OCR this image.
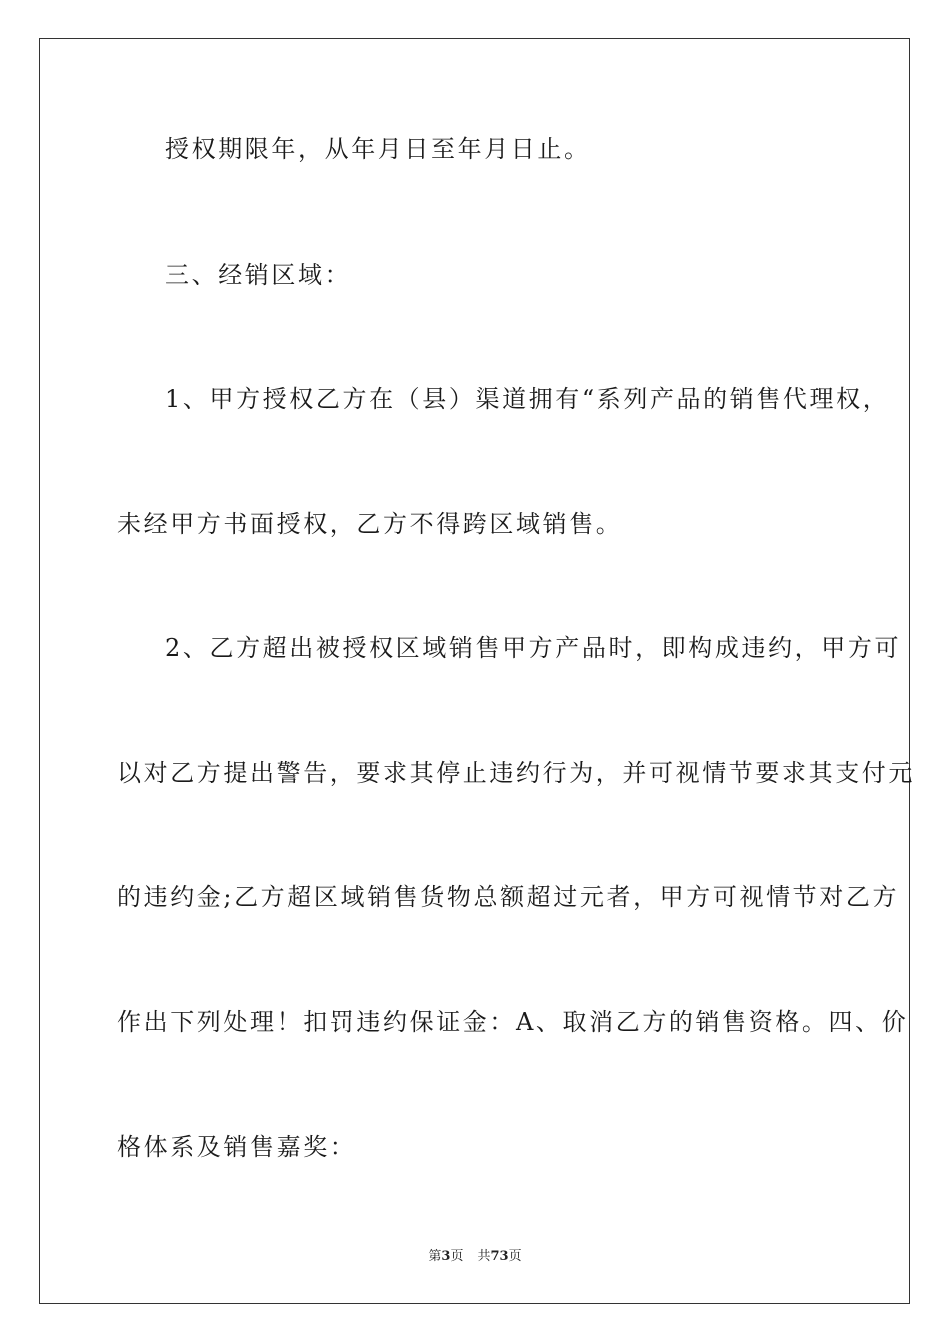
授权期限年，从年月日至年月日止。
三、经销区域：
1、甲方授权乙方在（县）渠道拥有“系列产品的销售代理权，
未经甲方书面授权，乙方不得跨区域销售。
2、乙方超出被授权区域销售甲方产品时，即构成违约，甲方可
以对乙方提出警告，要求其停止违约行为，并可视情节要求其支付元
的违约金;乙方超区域销售货物总额超过元者，甲方可视情节对乙方
作出下列处理！扣罚违约保证金：A、取消乙方的销售资格。四、价
格体系及销售嘉奖：
第3页 共73页
